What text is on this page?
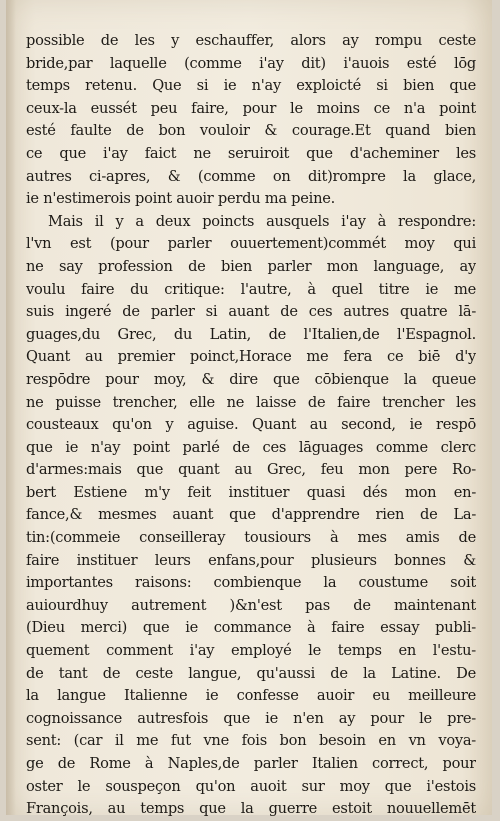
possible de les y eschauffer, alors ay rompu ceste
bride,par laquelle (comme i'ay dit) i'auois esté lōg
temps retenu. Que si ie n'ay exploicté si bien que
ceux-la eussét peu faire, pour le moins ce n'a point
esté faulte de bon vouloir & courage.Et quand bien
ce que i'ay faict ne seruiroit que d'acheminer les
autres ci-apres, & (comme on dit)rompre la glace,
ie n'estimerois point auoir perdu ma peine.
Mais il y a deux poincts ausquels i'ay à respondre:
l'vn est (pour parler ouuertement)commét moy qui
ne say profession de bien parler mon language, ay
voulu faire du critique: l'autre, à quel titre ie me
suis ingeré de parler si auant de ces autres quatre lā-
guages,du Grec, du Latin, de l'Italien,de l'Espagnol.
Quant au premier poinct,Horace me fera ce biē d'y
respōdre pour moy, & dire que cōbienque la queue
ne puisse trencher, elle ne laisse de faire trencher les
cousteaux qu'on y aguise. Quant au second, ie respō
que ie n'ay point parlé de ces lāguages comme clerc
d'armes:mais que quant au Grec, feu mon pere Ro-
bert Estiene m'y feit instituer quasi dés mon en-
fance,& mesmes auant que d'apprendre rien de La-
tin:(commeie conseilleray tousiours à mes amis de
faire instituer leurs enfans,pour plusieurs bonnes &
importantes raisons: combienque la coustume soit
auiourdhuy autrement )&n'est pas de maintenant
(Dieu merci) que ie commance à faire essay publi-
quement comment i'ay employé le temps en l'estu-
de tant de ceste langue, qu'aussi de la Latine. De
la langue Italienne ie confesse auoir eu meilleure
cognoissance autresfois que ie n'en ay pour le pre-
sent: (car il me fut vne fois bon besoin en vn voya-
ge de Rome à Naples,de parler Italien correct, pour
oster le souspeçon qu'on auoit sur moy que i'estois
François, au temps que la guerre estoit nouuellemēt
